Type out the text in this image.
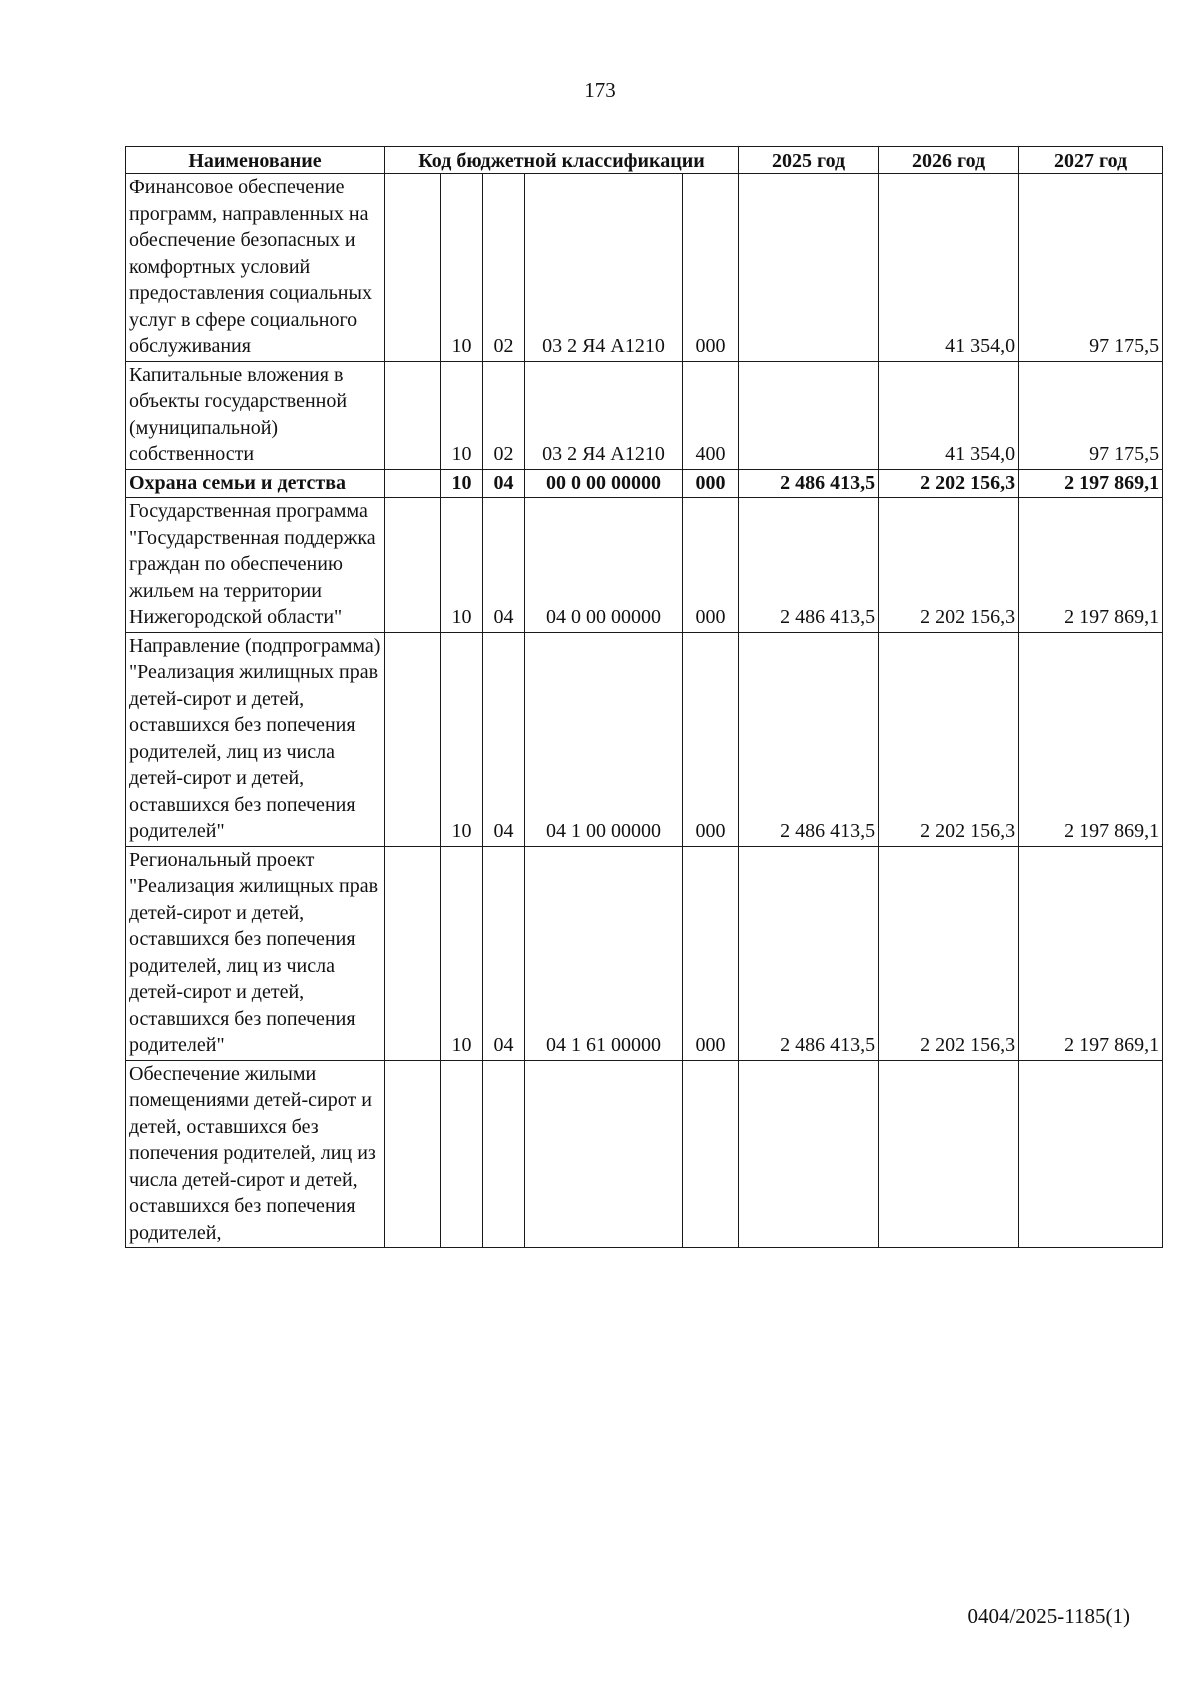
173
Наименование	Код бюджетной классификации					2025 год	2026 год	2027 год
Финансовое обеспечение программ, направленных на обеспечение безопасных и комфортных условий предоставления социальных услуг в сфере социального обслуживания		10	02	03 2 Я4 А1210	000		41 354,0	97 175,5
Капитальные вложения в объекты государственной (муниципальной) собственности		10	02	03 2 Я4 А1210	400		41 354,0	97 175,5
Охрана семьи и детства		10	04	00 0 00 00000	000	2 486 413,5	2 202 156,3	2 197 869,1
Государственная программа "Государственная поддержка граждан по обеспечению жильем на территории Нижегородской области"		10	04	04 0 00 00000	000	2 486 413,5	2 202 156,3	2 197 869,1
Направление (подпрограмма) "Реализация жилищных прав детей-сирот и детей, оставшихся без попечения родителей, лиц из числа детей-сирот и детей, оставшихся без попечения родителей"		10	04	04 1 00 00000	000	2 486 413,5	2 202 156,3	2 197 869,1
Региональный проект "Реализация жилищных прав детей-сирот и детей, оставшихся без попечения родителей, лиц из числа детей-сирот и детей, оставшихся без попечения родителей"		10	04	04 1 61 00000	000	2 486 413,5	2 202 156,3	2 197 869,1
Обеспечение жилыми помещениями детей-сирот и детей, оставшихся без попечения родителей, лиц из числа детей-сирот и детей, оставшихся без попечения родителей,								
0404/2025-1185(1)
